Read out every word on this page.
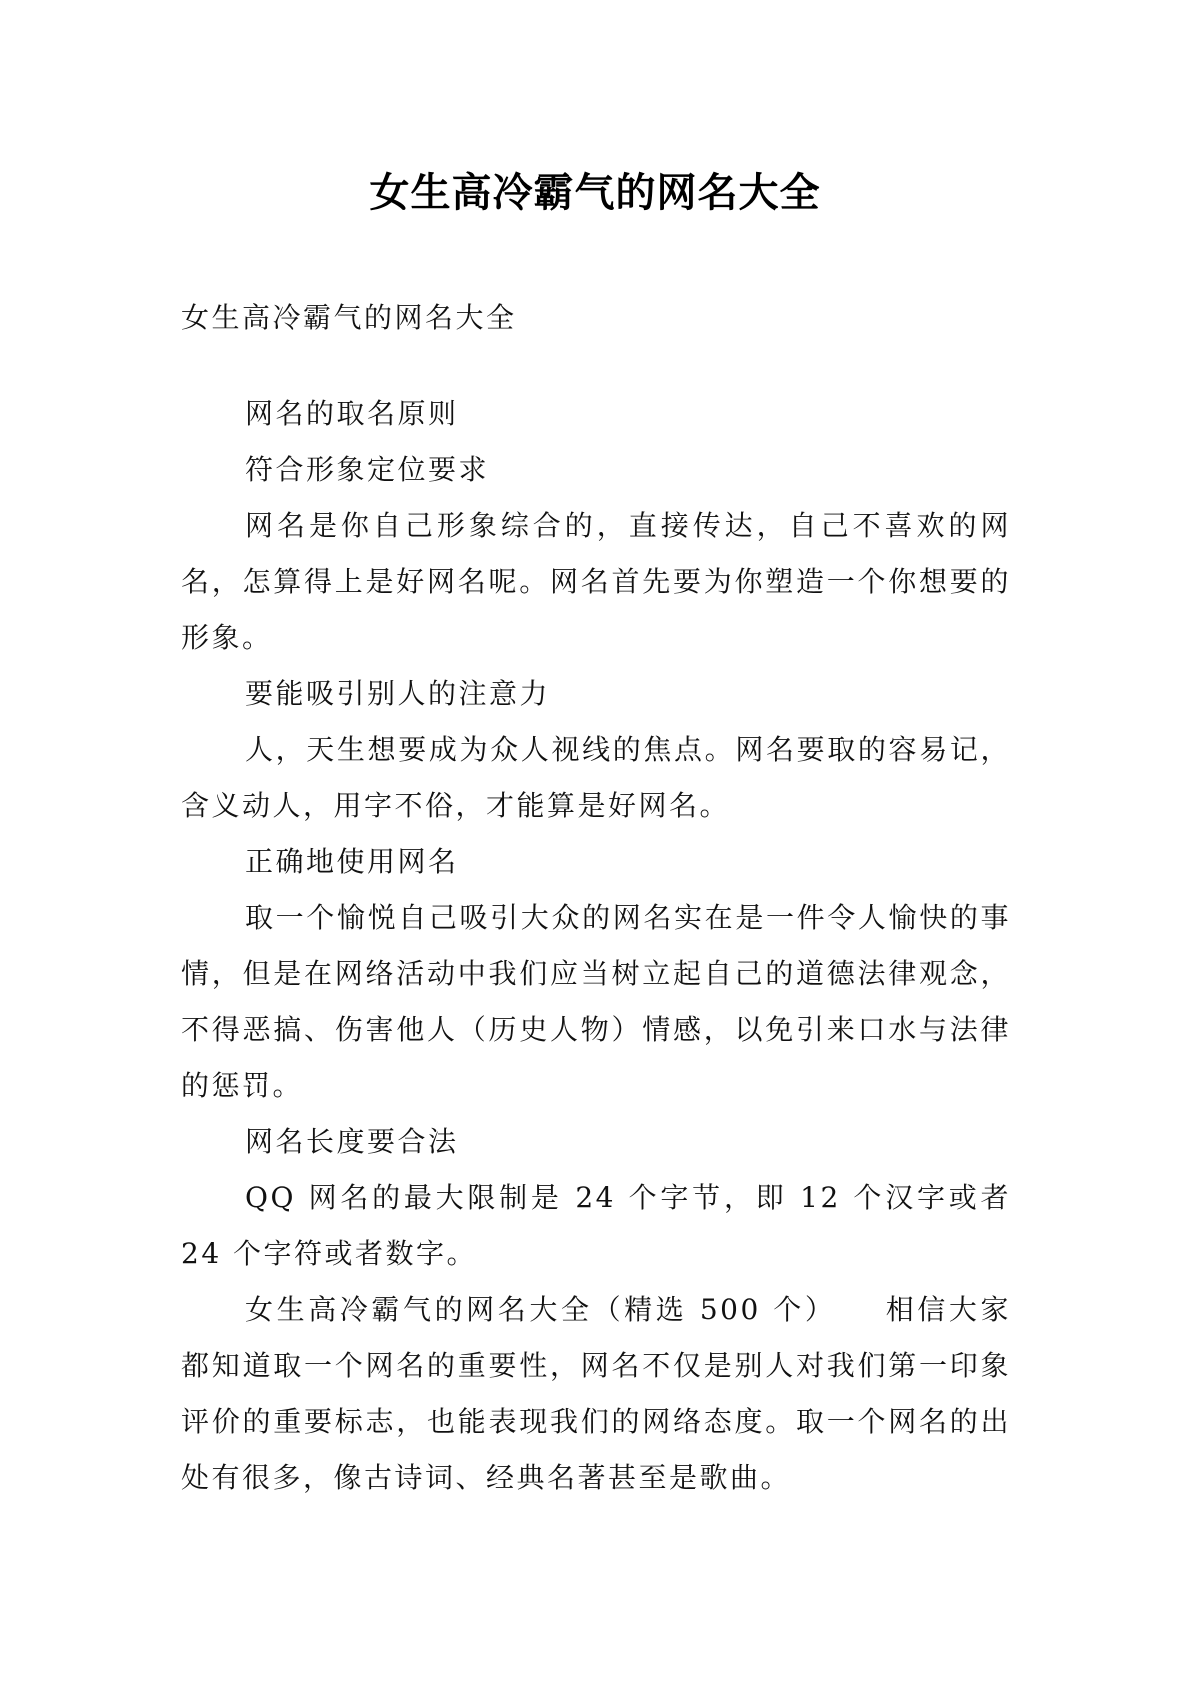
女生高冷霸气的网名大全

女生高冷霸气的网名大全

网名的取名原则

符合形象定位要求

网名是你自己形象综合的，直接传达，自己不喜欢的网名，怎算得上是好网名呢。网名首先要为你塑造一个你想要的形象。

要能吸引别人的注意力

人，天生想要成为众人视线的焦点。网名要取的容易记，含义动人，用字不俗，才能算是好网名。

正确地使用网名

取一个愉悦自己吸引大众的网名实在是一件令人愉快的事情，但是在网络活动中我们应当树立起自己的道德法律观念，不得恶搞、伤害他人（历史人物）情感，以免引来口水与法律的惩罚。

网名长度要合法

QQ 网名的最大限制是 24 个字节，即 12 个汉字或者 24 个字符或者数字。

女生高冷霸气的网名大全（精选 500 个）　　相信大家都知道取一个网名的重要性，网名不仅是别人对我们第一印象评价的重要标志，也能表现我们的网络态度。取一个网名的出处有很多，像古诗词、经典名著甚至是歌曲。
